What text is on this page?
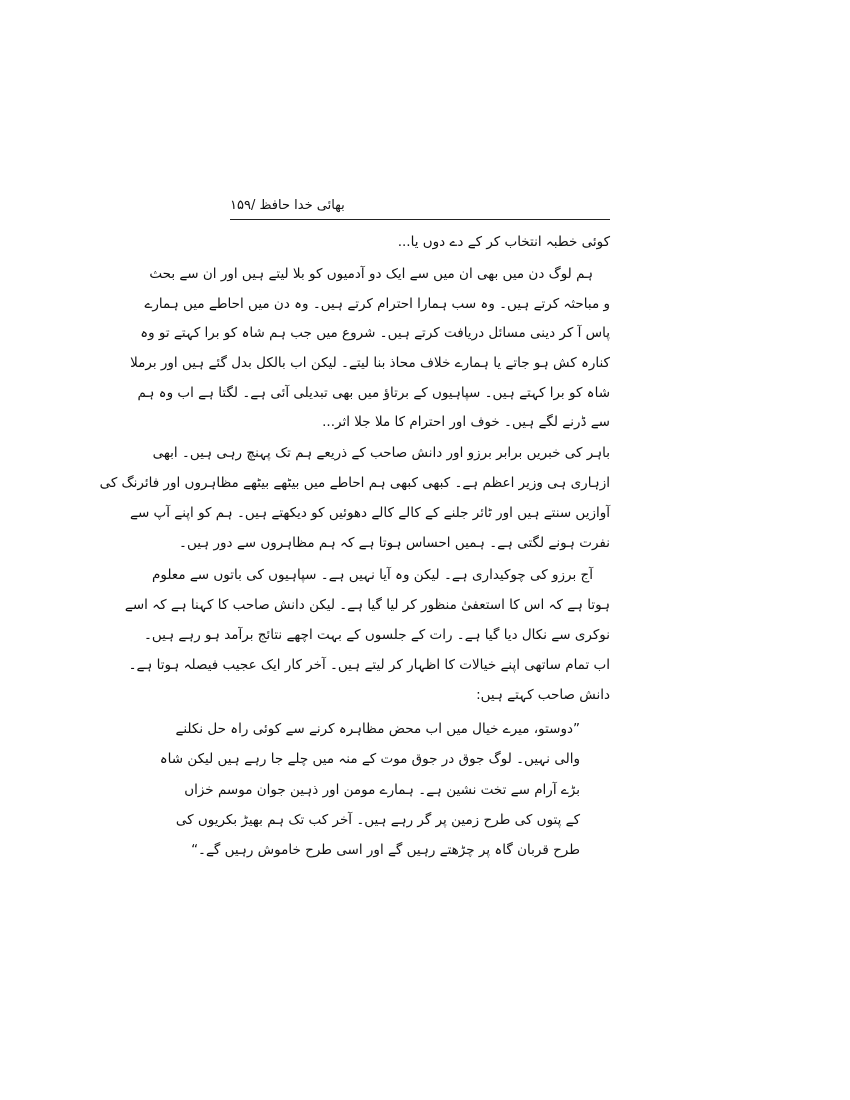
بھائی خدا حافظ /۱۵۹
کوئی خطبہ انتخاب کر کے دے دوں یا...
ہم لوگ دن میں بھی ان میں سے ایک دو آدمیوں کو بلا لیتے ہیں اور ان سے بحث
و مباحثہ کرتے ہیں۔ وہ سب ہمارا احترام کرتے ہیں۔ وہ دن میں احاطے میں ہمارے
پاس آ کر دینی مسائل دریافت کرتے ہیں۔ شروع میں جب ہم شاہ کو برا کہتے تو وہ
کنارہ کش ہو جاتے یا ہمارے خلاف محاذ بنا لیتے۔ لیکن اب بالکل بدل گئے ہیں اور برملا
شاہ کو برا کہتے ہیں۔ سپاہیوں کے برتاؤ میں بھی تبدیلی آئی ہے۔ لگتا ہے اب وہ ہم
سے ڈرنے لگے ہیں۔ خوف اور احترام کا ملا جلا اثر...
باہر کی خبریں برابر برزو اور دانش صاحب کے ذریعے ہم تک پہنچ رہی ہیں۔ ابھی
ازہاری ہی وزیر اعظم ہے۔ کبھی کبھی ہم احاطے میں بیٹھے بیٹھے مظاہروں اور فائرنگ کی
آوازیں سنتے ہیں اور ٹائر جلنے کے کالے کالے دھوئیں کو دیکھتے ہیں۔ ہم کو اپنے آپ سے
نفرت ہونے لگتی ہے۔ ہمیں احساس ہوتا ہے کہ ہم مظاہروں سے دور ہیں۔
آج برزو کی چوکیداری ہے۔ لیکن وہ آیا نہیں ہے۔ سپاہیوں کی باتوں سے معلوم
ہوتا ہے کہ اس کا استعفیٰ منظور کر لیا گیا ہے۔ لیکن دانش صاحب کا کہنا ہے کہ اسے
نوکری سے نکال دیا گیا ہے۔ رات کے جلسوں کے بہت اچھے نتائج برآمد ہو رہے ہیں۔
اب تمام ساتھی اپنے خیالات کا اظہار کر لیتے ہیں۔ آخر کار ایک عجیب فیصلہ ہوتا ہے۔
دانش صاحب کہتے ہیں:
”دوستو، میرے خیال میں اب محض مظاہرہ کرنے سے کوئی راہ حل نکلنے
والی نہیں۔ لوگ جوق در جوق موت کے منہ میں چلے جا رہے ہیں لیکن شاہ
بڑے آرام سے تخت نشین ہے۔ ہمارے مومن اور ذہین جوان موسم خزاں
کے پتوں کی طرح زمین پر گر رہے ہیں۔ آخر کب تک ہم بھیڑ بکریوں کی
طرح قربان گاہ پر چڑھتے رہیں گے اور اسی طرح خاموش رہیں گے۔“
